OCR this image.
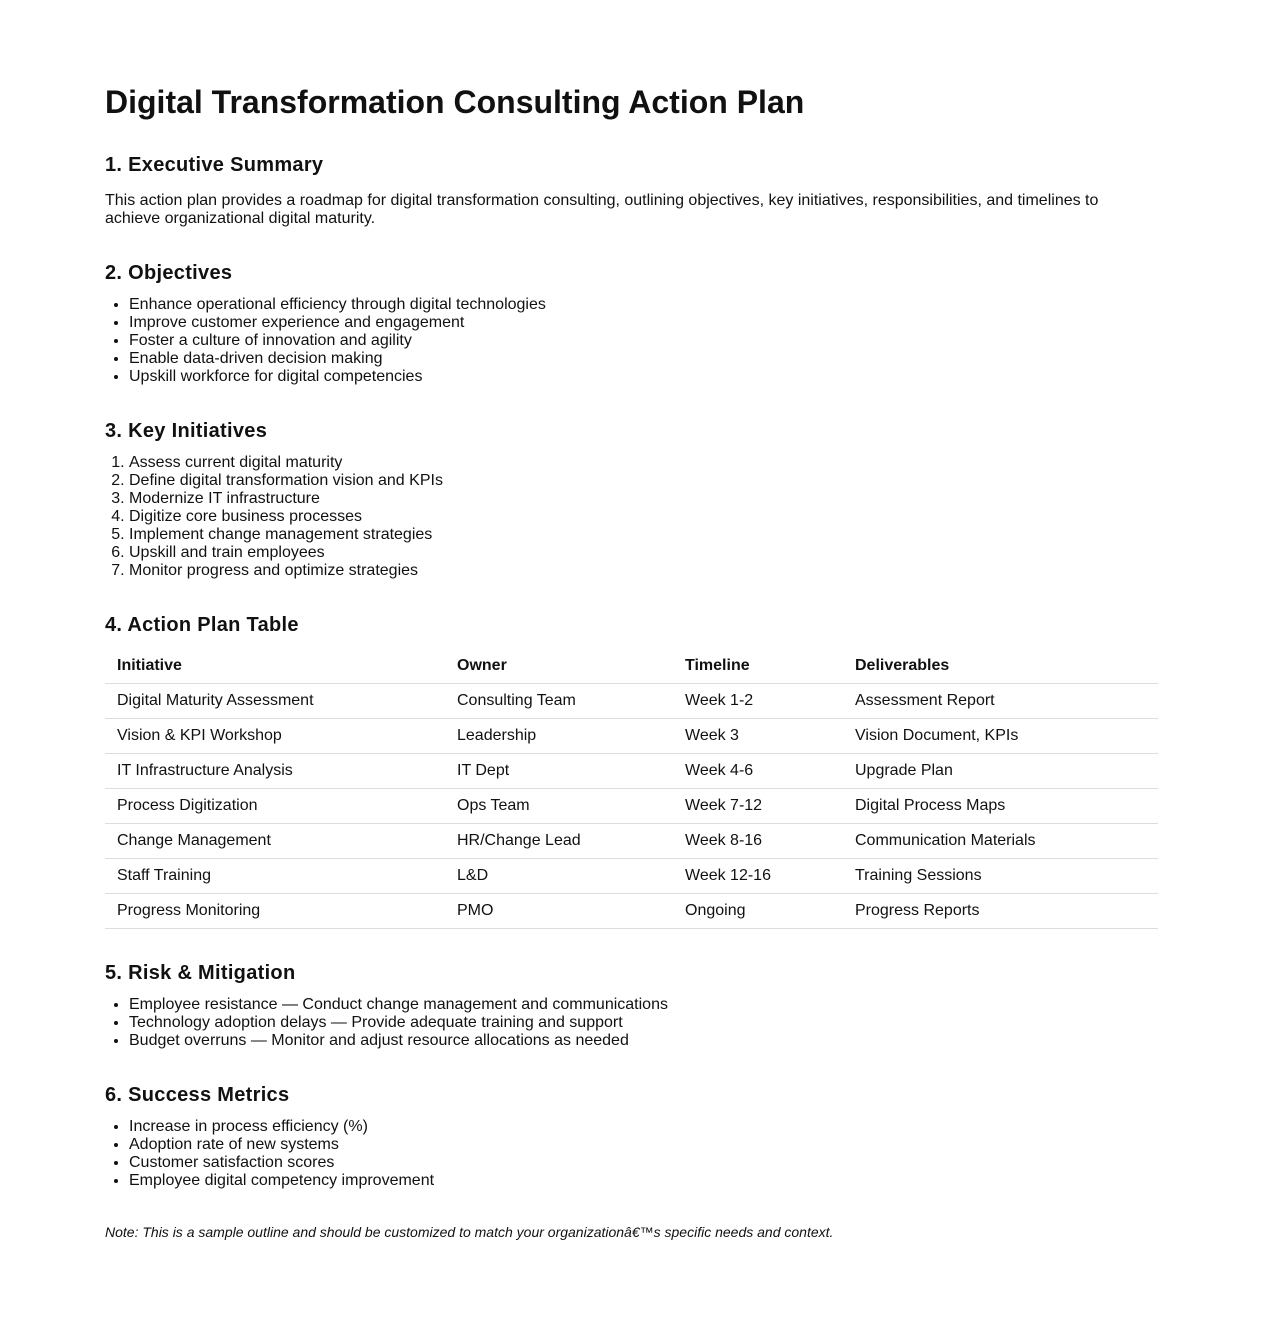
Digital Transformation Consulting Action Plan
1. Executive Summary

This action plan provides a roadmap for digital transformation consulting, outlining objectives, key initiatives, responsibilities, and timelines to achieve organizational digital maturity.

2. Objectives
• Enhance operational efficiency through digital technologies
• Improve customer experience and engagement
• Foster a culture of innovation and agility
• Enable data-driven decision making
• Upskill workforce for digital competencies
3. Key Initiatives
1. Assess current digital maturity
2. Define digital transformation vision and KPIs
3. Modernize IT infrastructure
4. Digitize core business processes
5. Implement change management strategies
6. Upskill and train employees
7. Monitor progress and optimize strategies
4. Action Plan Table
Initiative	Owner	Timeline	Deliverables
Digital Maturity Assessment	Consulting Team	Week 1-2	Assessment Report
Vision & KPI Workshop	Leadership	Week 3	Vision Document, KPIs
IT Infrastructure Analysis	IT Dept	Week 4-6	Upgrade Plan
Process Digitization	Ops Team	Week 7-12	Digital Process Maps
Change Management	HR/Change Lead	Week 8-16	Communication Materials
Staff Training	L&D	Week 12-16	Training Sessions
Progress Monitoring	PMO	Ongoing	Progress Reports
5. Risk & Mitigation
• Employee resistance — Conduct change management and communications
• Technology adoption delays — Provide adequate training and support
• Budget overruns — Monitor and adjust resource allocations as needed
6. Success Metrics
• Increase in process efficiency (%)
• Adoption rate of new systems
• Customer satisfaction scores
• Employee digital competency improvement

Note: This is a sample outline and should be customized to match your organizationâ€™s specific needs and context.
